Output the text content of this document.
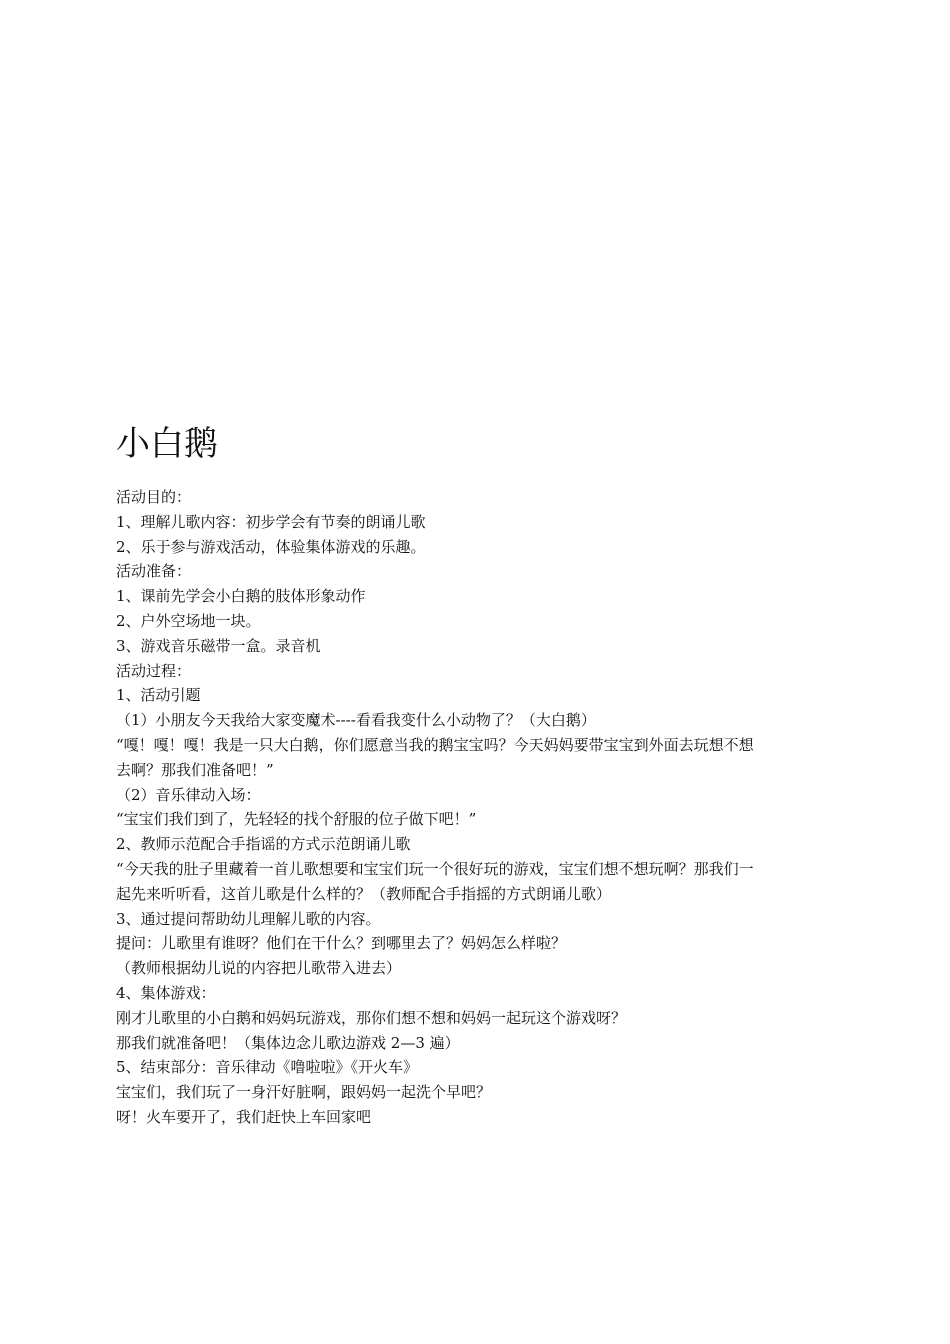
小白鹅
活动目的：
1、理解儿歌内容：初步学会有节奏的朗诵儿歌
2、乐于参与游戏活动，体验集体游戏的乐趣。
活动准备：
1、课前先学会小白鹅的肢体形象动作
2、户外空场地一块。
3、游戏音乐磁带一盒。录音机
活动过程：
1、活动引题
（1）小朋友今天我给大家变魔术----看看我变什么小动物了？（大白鹅）
“嘎！嘎！嘎！我是一只大白鹅，你们愿意当我的鹅宝宝吗？今天妈妈要带宝宝到外面去玩想不想
去啊？那我们准备吧！”
（2）音乐律动入场：
“宝宝们我们到了，先轻轻的找个舒服的位子做下吧！”
2、教师示范配合手指谣的方式示范朗诵儿歌
“今天我的肚子里藏着一首儿歌想要和宝宝们玩一个很好玩的游戏，宝宝们想不想玩啊？那我们一
起先来听听看，这首儿歌是什么样的？（教师配合手指摇的方式朗诵儿歌）
3、通过提问帮助幼儿理解儿歌的内容。
提问：儿歌里有谁呀？他们在干什么？到哪里去了？妈妈怎么样啦？
（教师根据幼儿说的内容把儿歌带入进去）
4、集体游戏：
刚才儿歌里的小白鹅和妈妈玩游戏，那你们想不想和妈妈一起玩这个游戏呀？
那我们就准备吧！（集体边念儿歌边游戏 2—3 遍）
5、结束部分：音乐律动《噜啦啦》《开火车》
宝宝们，我们玩了一身汗好脏啊，跟妈妈一起洗个早吧？
呀！火车要开了，我们赶快上车回家吧
